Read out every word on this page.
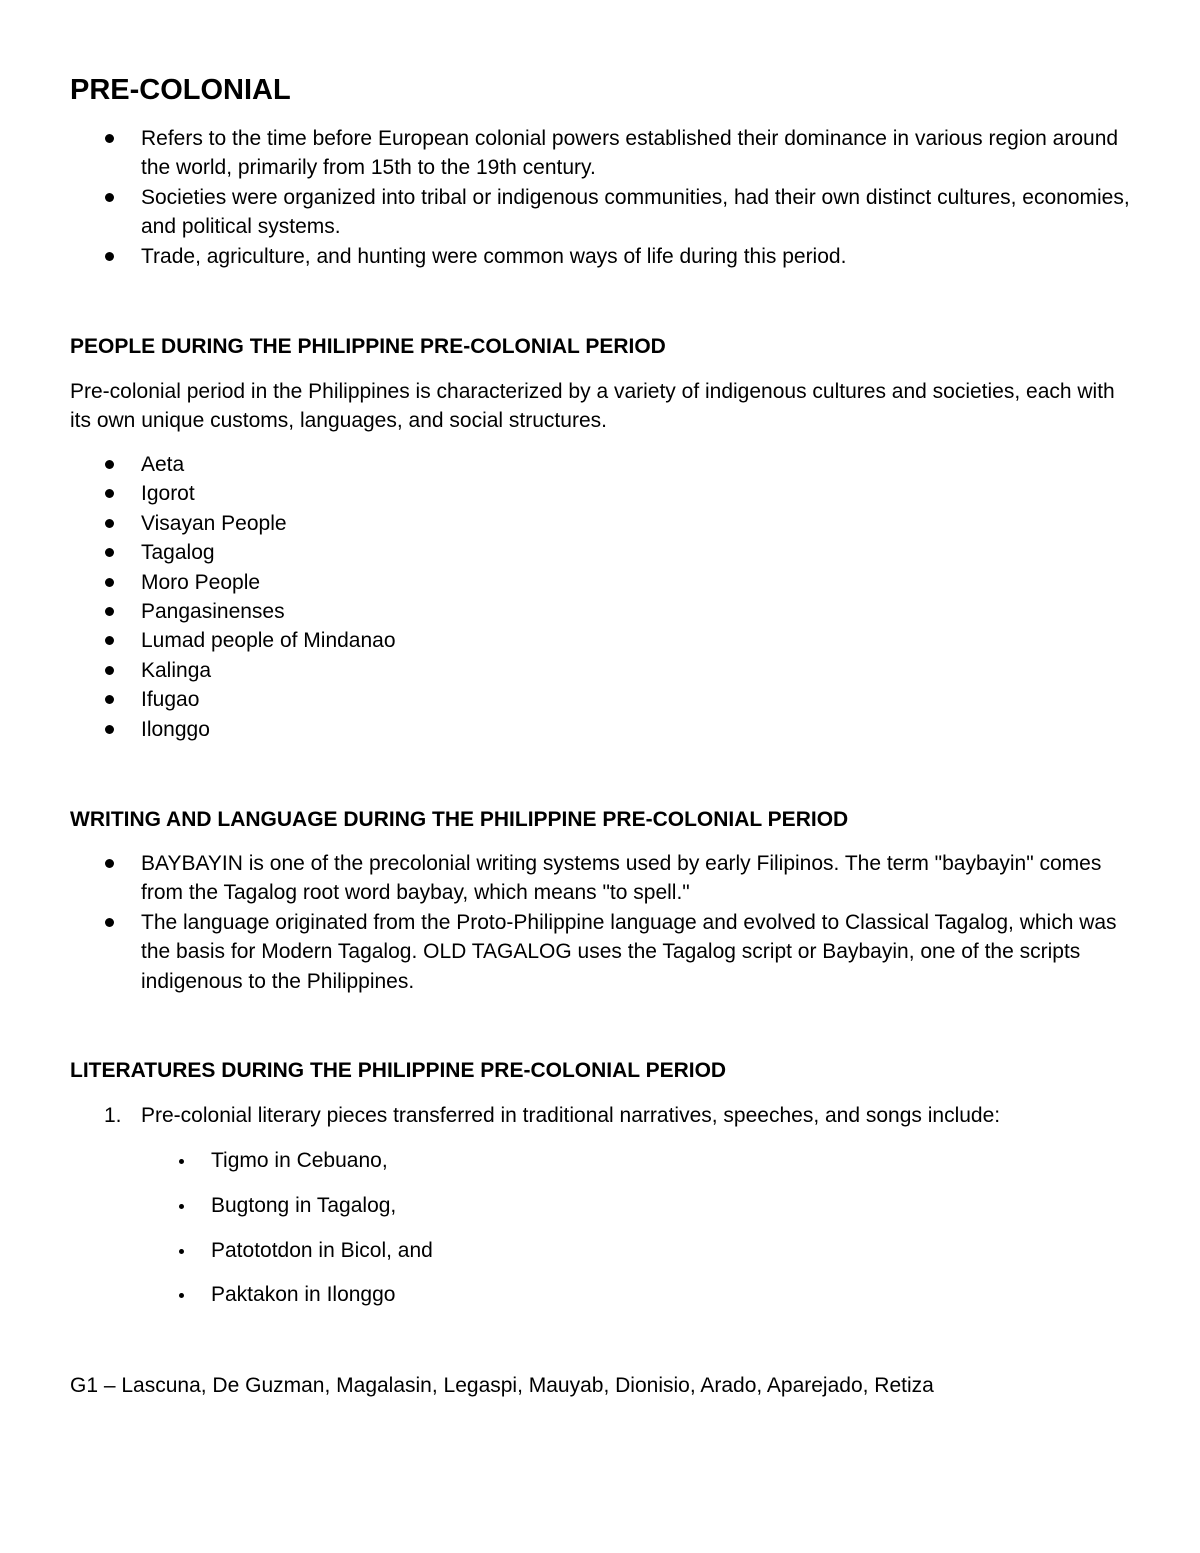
PRE-COLONIAL
Refers to the time before European colonial powers established their dominance in various region around the world, primarily from 15th to the 19th century.
Societies were organized into tribal or indigenous communities, had their own distinct cultures, economies, and political systems.
Trade, agriculture, and hunting were common ways of life during this period.
PEOPLE DURING THE PHILIPPINE PRE-COLONIAL PERIOD

Pre-colonial period in the Philippines is characterized by a variety of indigenous cultures and societies, each with its own unique customs, languages, and social structures.

Aeta
Igorot
Visayan People
Tagalog
Moro People
Pangasinenses
Lumad people of Mindanao
Kalinga
Ifugao
Ilonggo
WRITING AND LANGUAGE DURING THE PHILIPPINE PRE-COLONIAL PERIOD
BAYBAYIN is one of the precolonial writing systems used by early Filipinos. The term "baybayin" comes from the Tagalog root word baybay, which means "to spell."
The language originated from the Proto-Philippine language and evolved to Classical Tagalog, which was the basis for Modern Tagalog. OLD TAGALOG uses the Tagalog script or Baybayin, one of the scripts indigenous to the Philippines.
LITERATURES DURING THE PHILIPPINE PRE-COLONIAL PERIOD
1. Pre-colonial literary pieces transferred in traditional narratives, speeches, and songs include:
Tigmo in Cebuano,
Bugtong in Tagalog,
Patototdon in Bicol, and
Paktakon in Ilonggo

G1 – Lascuna, De Guzman, Magalasin, Legaspi, Mauyab, Dionisio, Arado, Aparejado, Retiza
